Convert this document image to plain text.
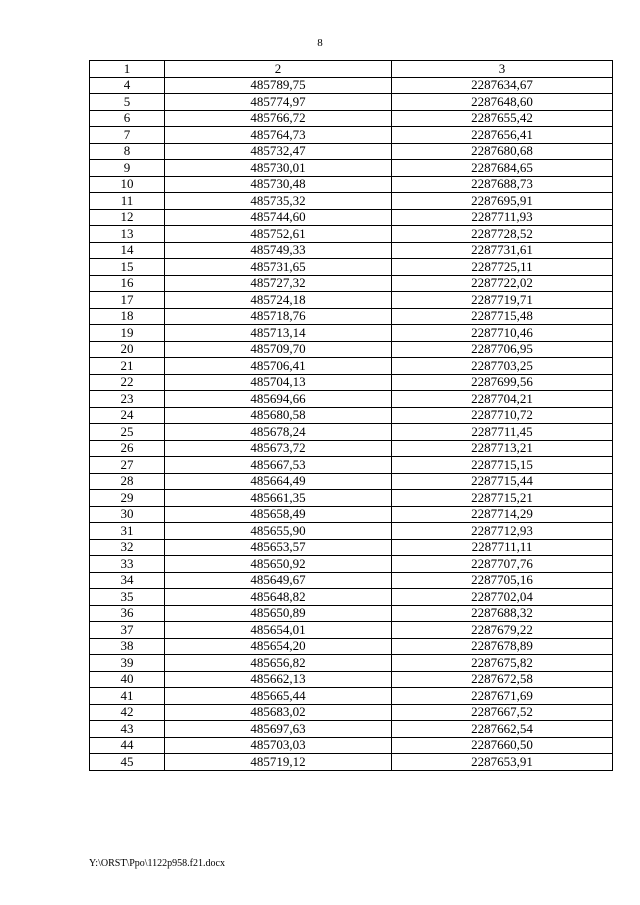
8
1	2	3
4	485789,75	2287634,67
5	485774,97	2287648,60
6	485766,72	2287655,42
7	485764,73	2287656,41
8	485732,47	2287680,68
9	485730,01	2287684,65
10	485730,48	2287688,73
11	485735,32	2287695,91
12	485744,60	2287711,93
13	485752,61	2287728,52
14	485749,33	2287731,61
15	485731,65	2287725,11
16	485727,32	2287722,02
17	485724,18	2287719,71
18	485718,76	2287715,48
19	485713,14	2287710,46
20	485709,70	2287706,95
21	485706,41	2287703,25
22	485704,13	2287699,56
23	485694,66	2287704,21
24	485680,58	2287710,72
25	485678,24	2287711,45
26	485673,72	2287713,21
27	485667,53	2287715,15
28	485664,49	2287715,44
29	485661,35	2287715,21
30	485658,49	2287714,29
31	485655,90	2287712,93
32	485653,57	2287711,11
33	485650,92	2287707,76
34	485649,67	2287705,16
35	485648,82	2287702,04
36	485650,89	2287688,32
37	485654,01	2287679,22
38	485654,20	2287678,89
39	485656,82	2287675,82
40	485662,13	2287672,58
41	485665,44	2287671,69
42	485683,02	2287667,52
43	485697,63	2287662,54
44	485703,03	2287660,50
45	485719,12	2287653,91
Y:\ORST\Ppo\1122p958.f21.docx
